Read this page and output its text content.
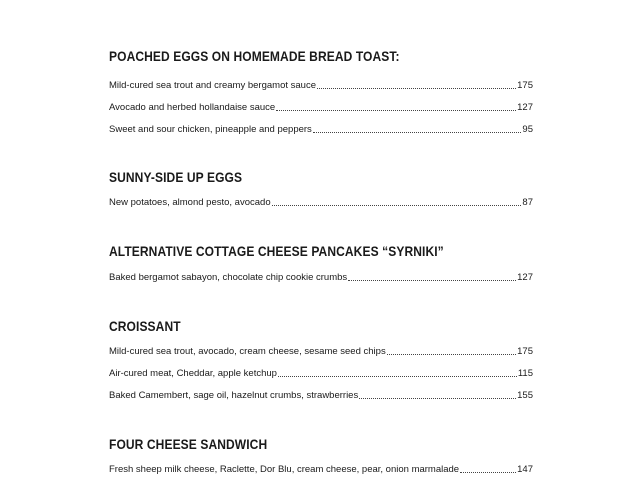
POACHED EGGS ON HOMEMADE BREAD TOAST:
Mild-cured sea trout and creamy bergamot sauce	175
Avocado and herbed hollandaise sauce	127
Sweet and sour chicken, pineapple and peppers	95
SUNNY-SIDE UP EGGS
New potatoes, almond pesto, avocado	87
ALTERNATIVE COTTAGE CHEESE PANCAKES “SYRNIKI”
Baked bergamot sabayon, chocolate chip cookie crumbs	127
CROISSANT
Mild-cured sea trout, avocado, cream cheese, sesame seed chips	175
Air-cured meat, Cheddar, apple ketchup	115
Baked Camembert, sage oil, hazelnut crumbs, strawberries	155
FOUR CHEESE SANDWICH
Fresh sheep milk cheese, Raclette, Dor Blu, cream cheese, pear, onion marmalade	147
